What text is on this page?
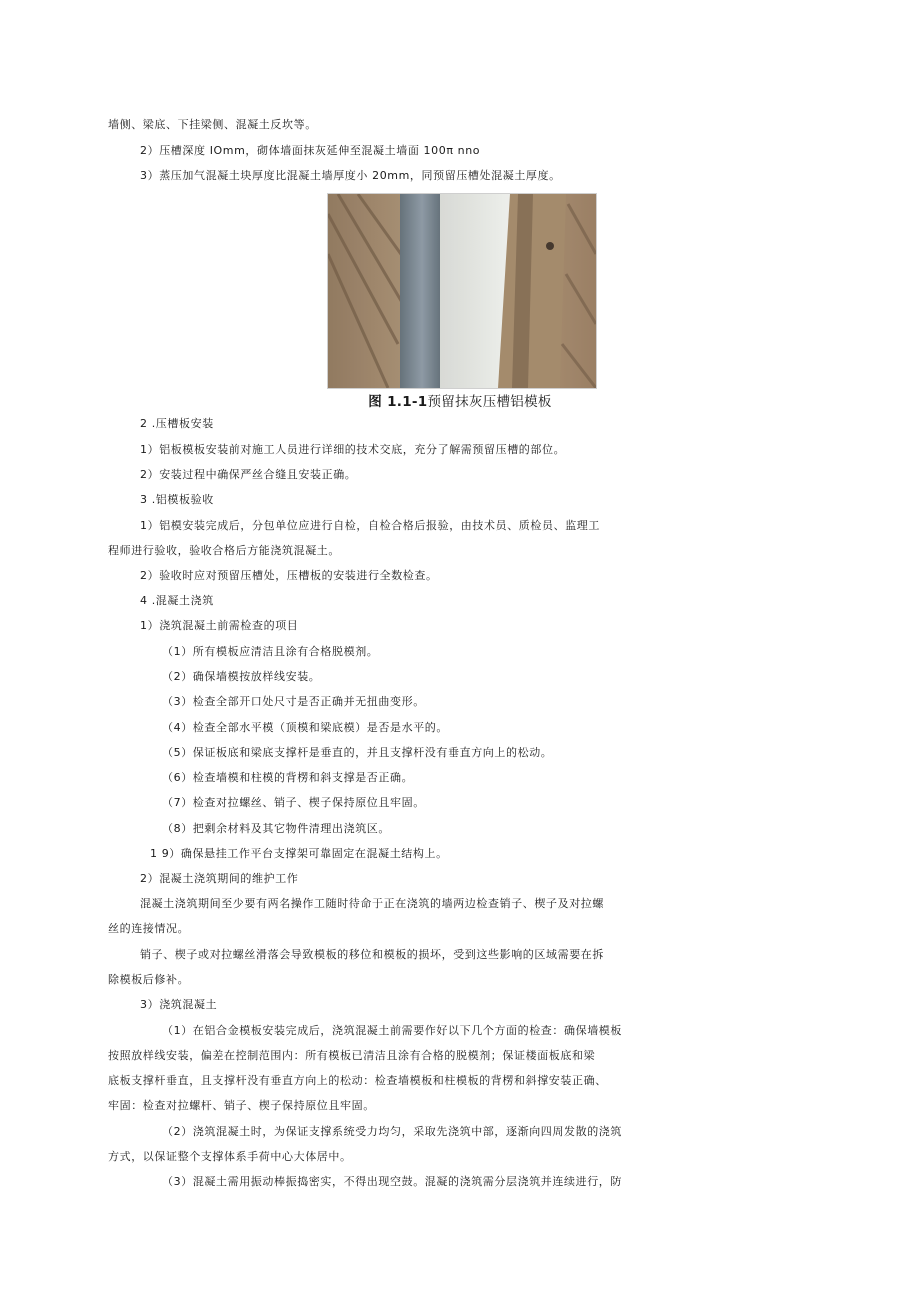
墙侧、梁底、下挂梁侧、混凝土反坎等。
2）压槽深度 IOmm，砌体墙面抹灰延伸至混凝土墙面 100π nno
3）蒸压加气混凝土块厚度比混凝土墙厚度小 20mm，同预留压槽处混凝土厚度。
图 1.1-1预留抹灰压槽铝模板
2 .压槽板安装
1）铝板模板安装前对施工人员进行详细的技术交底，充分了解需预留压槽的部位。
2）安装过程中确保严丝合缝且安装正确。
3 .铝模板验收
1）铝模安装完成后，分包单位应进行自检，自检合格后报验，由技术员、质检员、监理工
程师进行验收，验收合格后方能浇筑混凝土。
2）验收时应对预留压槽处，压槽板的安装进行全数检查。
4 .混凝土浇筑
1）浇筑混凝土前需检查的项目
（1）所有模板应清洁且涂有合格脱模剂。
（2）确保墙模按放样线安装。
（3）检查全部开口处尺寸是否正确并无扭曲变形。
（4）检查全部水平模（顶模和梁底模）是否是水平的。
（5）保证板底和梁底支撑杆是垂直的，并且支撑杆没有垂直方向上的松动。
（6）检查墙模和柱模的背楞和斜支撑是否正确。
（7）检查对拉螺丝、销子、楔子保持原位且牢固。
（8）把剩余材料及其它物件清理出浇筑区。
1 9）确保悬挂工作平台支撑架可靠固定在混凝土结构上。
2）混凝土浇筑期间的维护工作
混凝土浇筑期间至少要有两名操作工随时待命于正在浇筑的墙两边检查销子、楔子及对拉螺
丝的连接情况。
销子、楔子或对拉螺丝滑落会导致模板的移位和模板的损坏，受到这些影响的区域需要在拆
除模板后修补。
3）浇筑混凝土
（1）在铝合金模板安装完成后，浇筑混凝土前需要作好以下几个方面的检查：确保墙模板
按照放样线安装，偏差在控制范围内：所有模板已清洁且涂有合格的脱模剂；保证楼面板底和梁
底板支撑杆垂直，且支撑杆没有垂直方向上的松动：检查墙模板和柱模板的背楞和斜撑安装正确、
牢固：检查对拉螺杆、销子、楔子保持原位且牢固。
（2）浇筑混凝土时，为保证支撑系统受力均匀，采取先浇筑中部，逐渐向四周发散的浇筑
方式，以保证整个支撑体系手荷中心大体居中。
（3）混凝土需用振动棒振捣密实，不得出现空鼓。混凝的浇筑需分层浇筑并连续进行，防
